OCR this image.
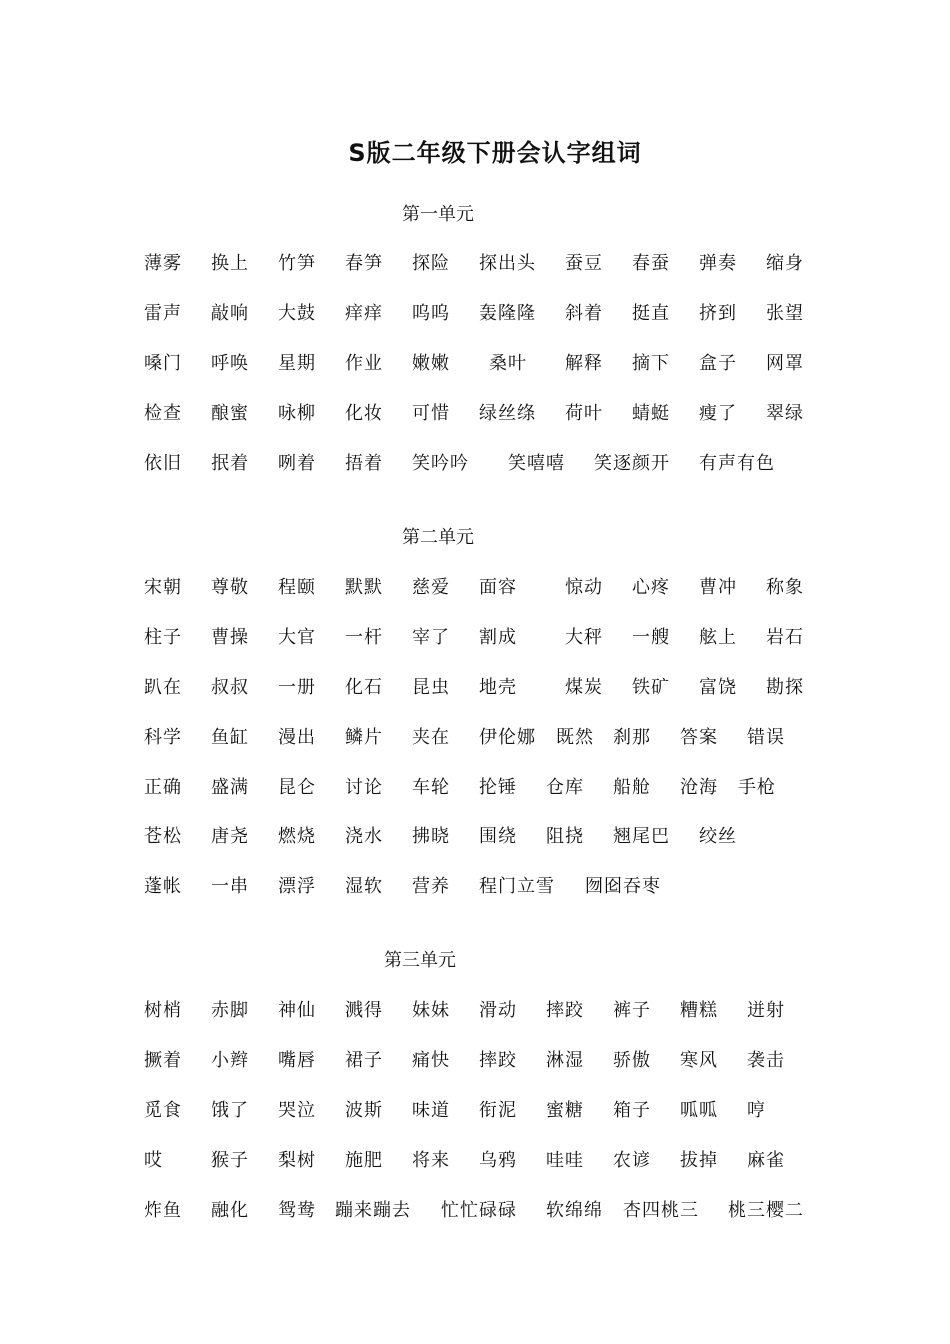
S版二年级下册会认字组词
第一单元
薄雾 换上 竹笋 春笋 探险 探出头 蚕豆 春蚕 弹奏 缩身
雷声 敲响 大鼓 痒痒 呜呜 轰隆隆 斜着 挺直 挤到 张望
嗓门 呼唤 星期 作业 嫩嫩 桑叶 解释 摘下 盒子 网罩
检查 酿蜜 咏柳 化妆 可惜 绿丝绦 荷叶 蜻蜓 瘦了 翠绿
依旧 抿着 咧着 捂着 笑吟吟 笑嘻嘻 笑逐颜开 有声有色
第二单元
宋朝 尊敬 程颐 默默 慈爱 面容	惊动 心疼 曹冲 称象
柱子 曹操 大官 一杆 宰了 割成	大秤 一艘 舷上 岩石
趴在 叔叔 一册 化石 昆虫 地壳	煤炭 铁矿 富饶 勘探
科学 鱼缸 漫出 鳞片 夹在 伊伦娜 既然 刹那 答案 错误
正确 盛满 昆仑 讨论 车轮 抡锤 仓库 船舱 沧海 手枪
苍松 唐尧 燃烧 浇水 拂晓 围绕 阻挠 翘尾巴 绞丝
蓬帐 一串 漂浮 湿软 营养 程门立雪 囫囵吞枣
第三单元
树梢 赤脚 神仙 溅得 妹妹 滑动 摔跤 裤子 糟糕 迸射
撅着 小辫 嘴唇 裙子 痛快 摔跤 淋湿 骄傲 寒风 袭击
觅食 饿了 哭泣 波斯 味道 衔泥 蜜糖 箱子 呱呱 哼
哎	猴子 梨树 施肥 将来 乌鸦 哇哇 农谚 拔掉 麻雀
炸鱼 融化 鸳鸯 蹦来蹦去 忙忙碌碌 软绵绵 杏四桃三 桃三樱二
